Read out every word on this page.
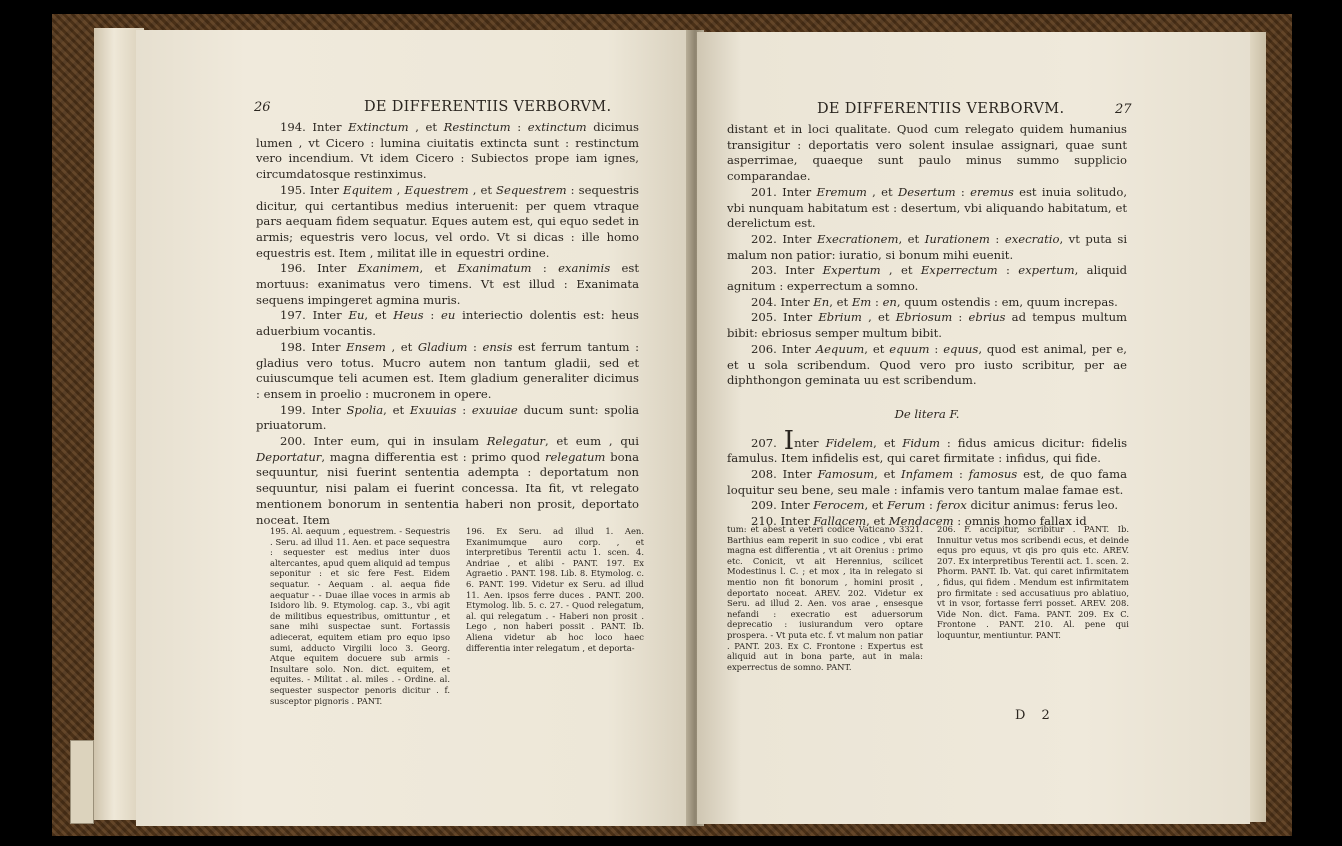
26	DE DIFFERENTIIS VERBORVM.

194. Inter Extinctum , et Restinctum : extinctum dicimus lumen , vt Cicero : lumina ciuitatis extincta sunt : restinctum vero incendium. Vt idem Cicero : Subiectos prope iam ignes, circumdatosque restinximus.

195. Inter Equitem , Equestrem , et Sequestrem : sequestris dicitur, qui certantibus medius interuenit: per quem vtraque pars aequam fidem sequatur. Eques autem est, qui equo sedet in armis; equestris vero locus, vel ordo. Vt si dicas : ille homo equestris est. Item , militat ille in equestri ordine.

196. Inter Exanimem, et Exanimatum : exanimis est mortuus: exanimatus vero timens. Vt est illud : Exanimata sequens impingeret agmina muris.

197. Inter Eu, et Heus : eu interiectio dolentis est: heus aduerbium vocantis.

198. Inter Ensem , et Gladium : ensis est ferrum tantum : gladius vero totus. Mucro autem non tantum gladii, sed et cuiuscumque teli acumen est. Item gladium generaliter dicimus : ensem in proelio : mucronem in opere.

199. Inter Spolia, et Exuuias : exuuiae ducum sunt: spolia priuatorum.

200. Inter eum, qui in insulam Relegatur, et eum , qui Deportatur, magna differentia est : primo quod relegatum bona sequuntur, nisi fuerint sententia adempta : deportatum non sequuntur, nisi palam ei fuerint concessa. Ita fit, vt relegato mentionem bonorum in sententia haberi non prosit, deportato noceat. Item

195. Al. aequum , equestrem. - Sequestris . Seru. ad illud 11. Aen. et pace sequestra : sequester est medius inter duos altercantes, apud quem aliquid ad tempus seponitur : et sic fere Fest. Eidem sequatur. - Aequam . al. aequa fide aequatur - - Duae illae voces in armis ab Isidoro lib. 9. Etymolog. cap. 3., vbi agit de militibus equestribus, omittuntur , et sane mihi suspectae sunt. Fortassis adiecerat, equitem etiam pro equo ipso sumi, adducto Virgilii loco 3. Georg. Atque equitem docuere sub armis - Insultare solo. Non. dict. equitem, et equites. - Militat . al. miles . - Ordine. al. sequester suspector penoris dicitur . f. susceptor pignoris . PANT.
196. Ex Seru. ad illud 1. Aen. Exanimumque auro corp. , et interpretibus Terentii actu 1. scen. 4. Andriae , et alibi - PANT. 197. Ex Agraetio . PANT. 198. Lib. 8. Etymolog. c. 6. PANT. 199. Videtur ex Seru. ad illud 11. Aen. ipsos ferre duces . PANT. 200. Etymolog. lib. 5. c. 27. - Quod relegatum, al. qui relegatum . - Haberi non prosit . Lego , non haberi possit . PANT. Ib. Aliena videtur ab hoc loco haec differentia inter relegatum , et deporta-
DE DIFFERENTIIS VERBORVM.	27

distant et in loci qualitate. Quod cum relegato quidem humanius transigitur : deportatis vero solent insulae assignari, quae sunt asperrimae, quaeque sunt paulo minus summo supplicio comparandae.

201. Inter Eremum , et Desertum : eremus est inuia solitudo, vbi nunquam habitatum est : desertum, vbi aliquando habitatum, et derelictum est.

202. Inter Execrationem, et Iurationem : execratio, vt puta si malum non patior: iuratio, si bonum mihi euenit.

203. Inter Expertum , et Experrectum : expertum, aliquid agnitum : experrectum a somno.

204. Inter En, et Em : en, quum ostendis : em, quum increpas.

205. Inter Ebrium , et Ebriosum : ebrius ad tempus multum bibit: ebriosus semper multum bibit.

206. Inter Aequum, et equum : equus, quod est animal, per e, et u sola scribendum. Quod vero pro iusto scribitur, per ae diphthongon geminata uu est scribendum.

De litera F.

207. Inter Fidelem, et Fidum : fidus amicus dicitur: fidelis famulus. Item infidelis est, qui caret firmitate : infidus, qui fide.

208. Inter Famosum, et Infamem : famosus est, de quo fama loquitur seu bene, seu male : infamis vero tantum malae famae est.

209. Inter Ferocem, et Ferum : ferox dicitur animus: ferus leo.

210. Inter Fallacem, et Mendacem : omnis homo fallax id

tum: et abest a veteri codice Vaticano 3321. Barthius eam reperit in suo codice , vbi erat magna est differentia , vt ait Orenius : primo etc. Conicit, vt ait Herennius, scilicet Modestinus l. C. ; et mox , ita in relegato si mentio non fit bonorum , homini prosit , deportato noceat. AREV. 202. Videtur ex Seru. ad illud 2. Aen. vos arae , ensesque nefandi : execratio est aduersorum deprecatio : iusiurandum vero optare prospera. - Vt puta etc. f. vt malum non patiar . PANT. 203. Ex C. Frontone : Expertus est aliquid aut in bona parte, aut in mala: experrectus de somno. PANT.
206. F. accipitur, scribitur . PANT. Ib. Innuitur vetus mos scribendi ecus, et deinde equs pro equus, vt qis pro quis etc. AREV. 207. Ex interpretibus Terentii act. 1. scen. 2. Phorm. PANT. Ib. Vat. qui caret infirmitatem , fidus, qui fidem . Mendum est infirmitatem pro firmitate : sed accusatiuus pro ablatiuo, vt in vsor, fortasse ferri posset. AREV. 208. Vide Non. dict. Fama. PANT. 209. Ex C. Frontone . PANT. 210. Al. pene qui loquuntur, mentiuntur. PANT.
D 2
